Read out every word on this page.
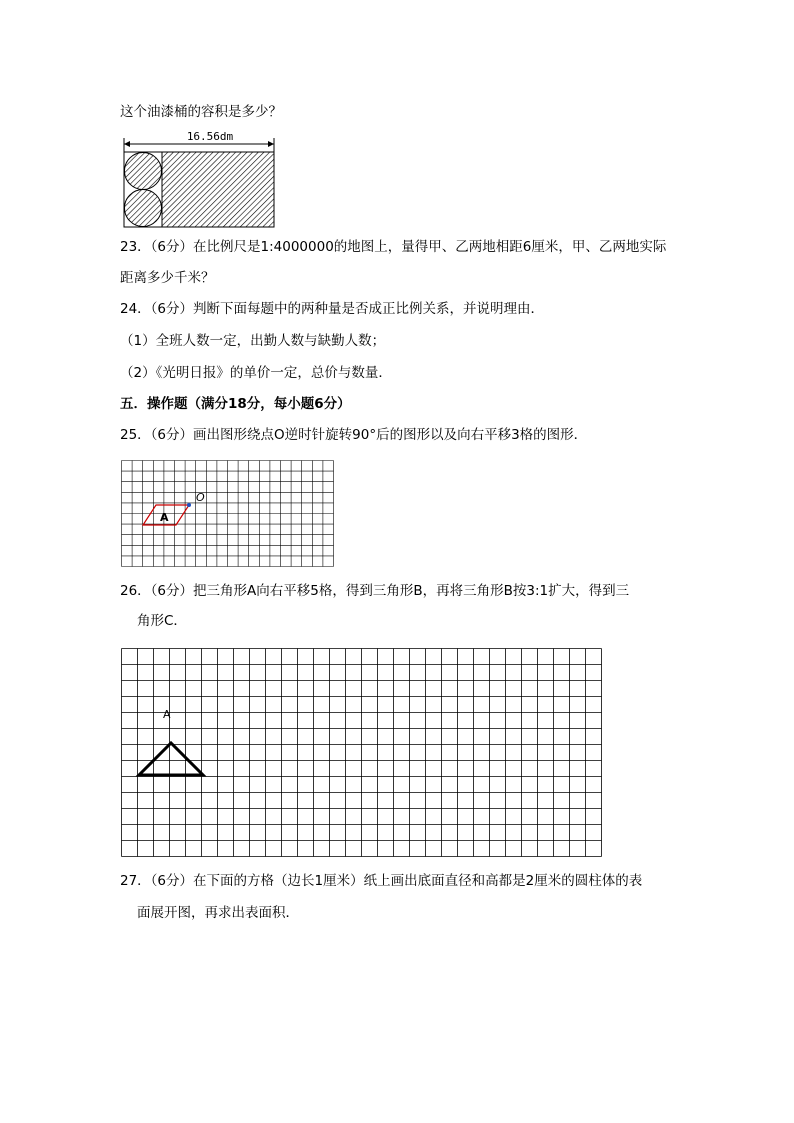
这个油漆桶的容积是多少？
16.56dm
23．（6分）在比例尺是1:4000000的地图上，量得甲、乙两地相距6厘米，甲、乙两地实际
距离多少千米？
24．（6分）判断下面每题中的两种量是否成正比例关系，并说明理由．
（1）全班人数一定，出勤人数与缺勤人数；
（2）《光明日报》的单价一定，总价与数量．
五．操作题（满分18分，每小题6分）
25．（6分）画出图形绕点O逆时针旋转90°后的图形以及向右平移3格的图形．
A
O
26．（6分）把三角形A向右平移5格，得到三角形B，再将三角形B按3:1扩大，得到三
角形C．
A
27．（6分）在下面的方格（边长1厘米）纸上画出底面直径和高都是2厘米的圆柱体的表
面展开图，再求出表面积．
